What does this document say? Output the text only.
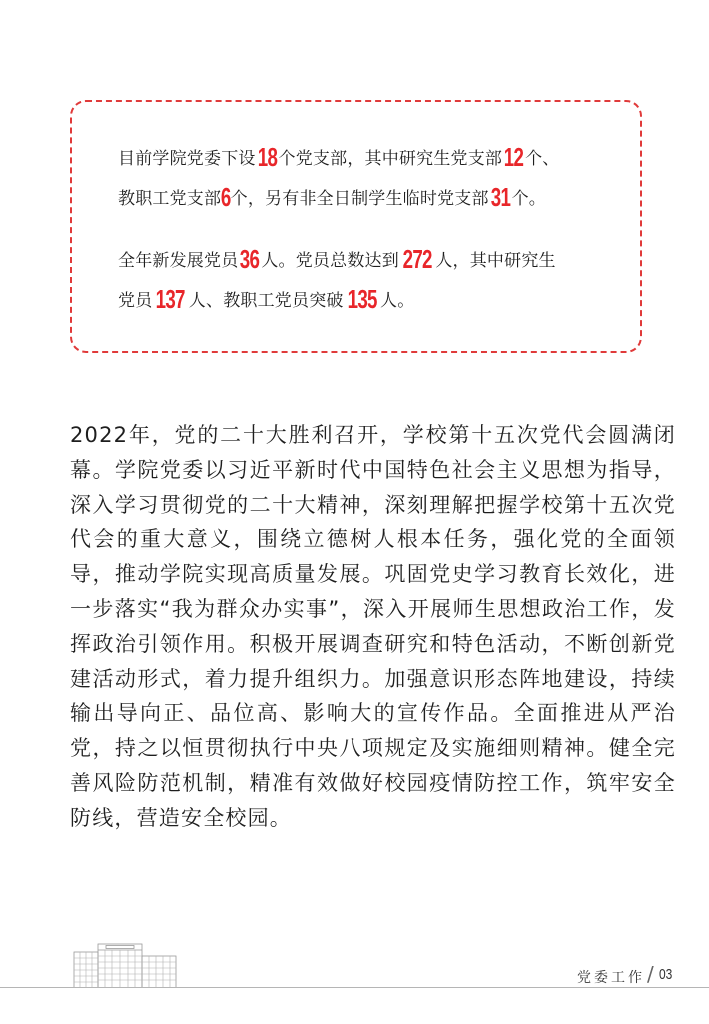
目前学院党委下设18 个党支部，其中研究生党支部12 个、
教职工党支部6个，另有非全日制学生临时党支部31 个。
全年新发展党员36 人。党员总数达到 272 人，其中研究生
党员 137 人、教职工党员突破 135 人。

2022年，党的二十大胜利召开，学校第十五次党代会圆满闭幕。学院党委以习近平新时代中国特色社会主义思想为指导，深入学习贯彻党的二十大精神，深刻理解把握学校第十五次党代会的重大意义，围绕立德树人根本任务，强化党的全面领导，推动学院实现高质量发展。巩固党史学习教育长效化，进一步落实“我为群众办实事”，深入开展师生思想政治工作，发挥政治引领作用。积极开展调查研究和特色活动，不断创新党建活动形式，着力提升组织力。加强意识形态阵地建设，持续输出导向正、品位高、影响大的宣传作品。全面推进从严治党，持之以恒贯彻执行中央八项规定及实施细则精神。健全完善风险防范机制，精准有效做好校园疫情防控工作，筑牢安全防线，营造安全校园。

党委工作 / 03
